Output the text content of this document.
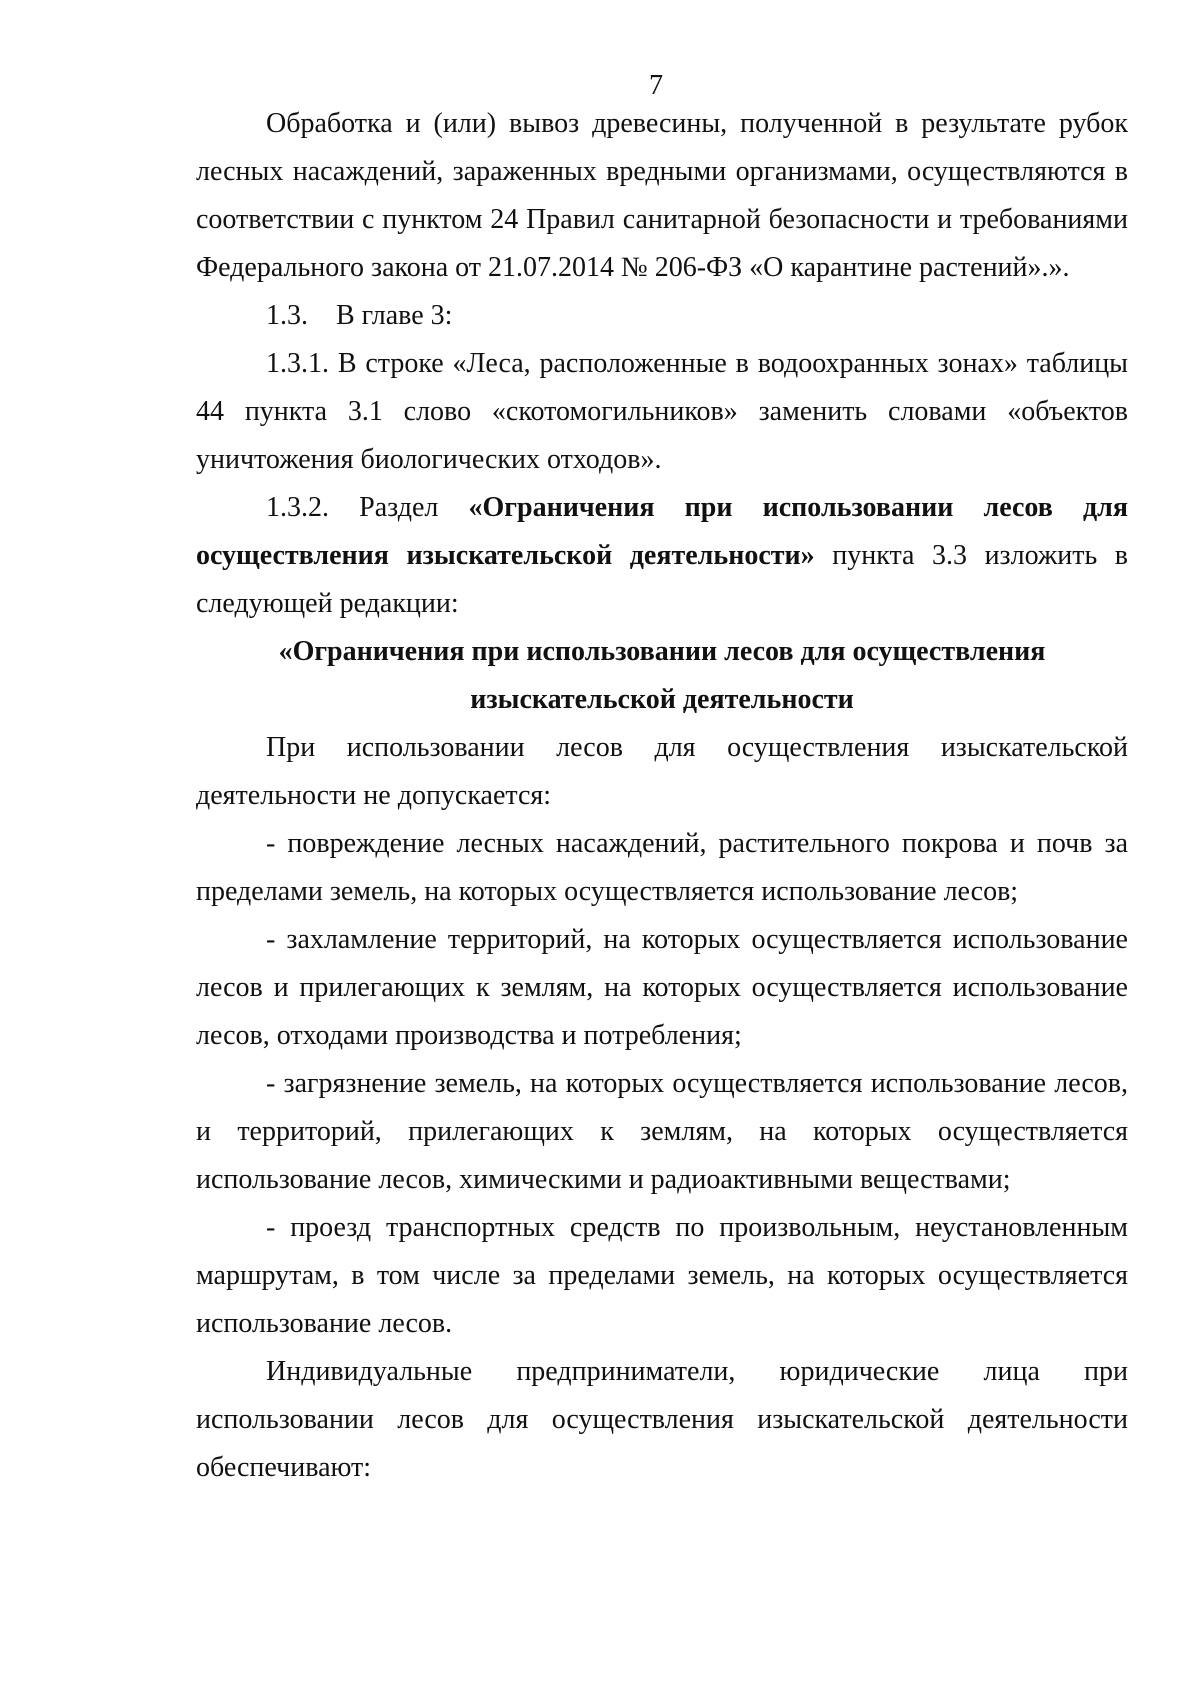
7

Обработка и (или) вывоз древесины, полученной в результате рубок лесных насаждений, зараженных вредными организмами, осуществляются в соответствии с пунктом 24 Правил санитарной безопасности и требованиями Федерального закона от 21.07.2014 № 206-ФЗ «О карантине растений».».

1.3. В главе 3:

1.3.1. В строке «Леса, расположенные в водоохранных зонах» таблицы 44 пункта 3.1 слово «скотомогильников» заменить словами «объектов уничтожения биологических отходов».

1.3.2. Раздел «Ограничения при использовании лесов для осуществления изыскательской деятельности» пункта 3.3 изложить в следующей редакции:

«Ограничения при использовании лесов для осуществления
изыскательской деятельности

При использовании лесов для осуществления изыскательской деятельности не допускается:

- повреждение лесных насаждений, растительного покрова и почв за пределами земель, на которых осуществляется использование лесов;

- захламление территорий, на которых осуществляется использование лесов и прилегающих к землям, на которых осуществляется использование лесов, отходами производства и потребления;

- загрязнение земель, на которых осуществляется использование лесов, и территорий, прилегающих к землям, на которых осуществляется использование лесов, химическими и радиоактивными веществами;

- проезд транспортных средств по произвольным, неустановленным маршрутам, в том числе за пределами земель, на которых осуществляется использование лесов.

Индивидуальные предприниматели, юридические лица при использовании лесов для осуществления изыскательской деятельности обеспечивают:
